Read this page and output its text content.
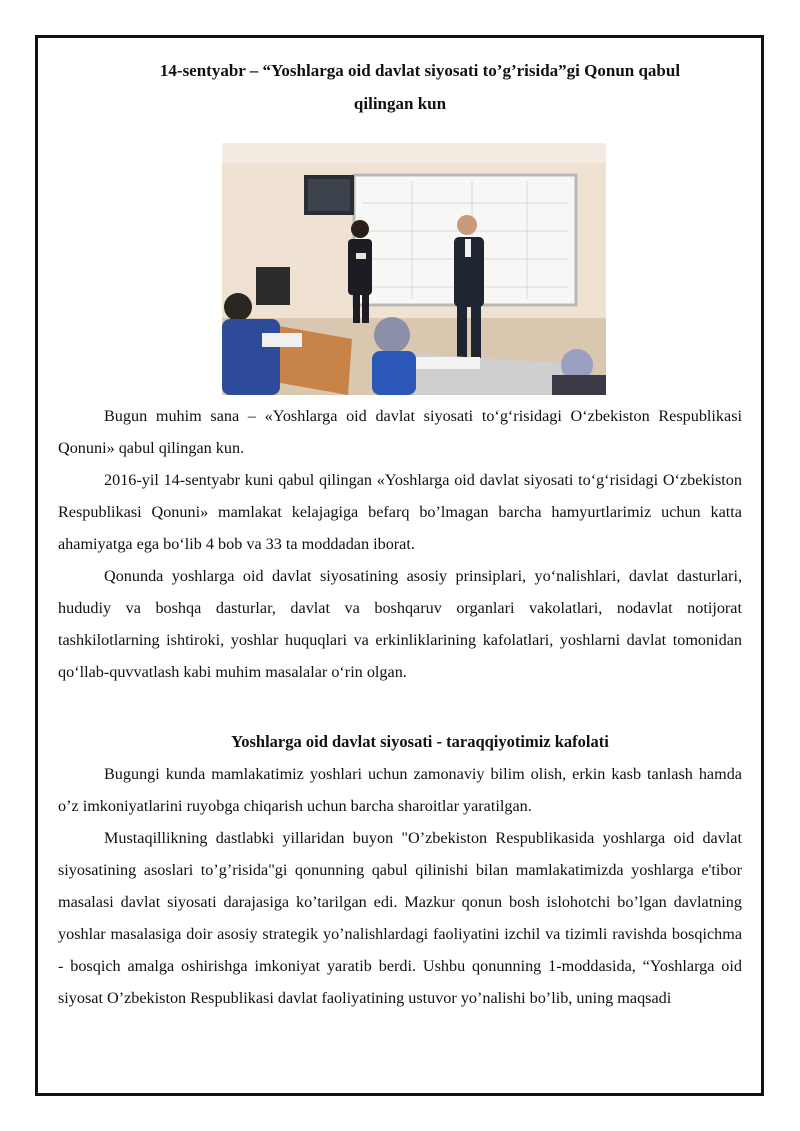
14-sentyabr – “Yoshlarga oid davlat siyosati to’g’risida”gi Qonun qabul
qilingan kun

Bugun muhim sana – «Yoshlarga oid davlat siyosati to‘g‘risidagi O‘zbekiston Respublikasi Qonuni» qabul qilingan kun.

2016-yil 14-sentyabr kuni qabul qilingan «Yoshlarga oid davlat siyosati to‘g‘risidagi O‘zbekiston Respublikasi Qonuni» mamlakat kelajagiga befarq bo’lmagan barcha hamyurtlarimiz uchun katta ahamiyatga ega bo‘lib 4 bob va 33 ta moddadan iborat.

Qonunda yoshlarga oid davlat siyosatining asosiy prinsiplari, yo‘nalishlari, davlat dasturlari, hududiy va boshqa dasturlar, davlat va boshqaruv organlari vakolatlari, nodavlat notijorat tashkilotlarning ishtiroki, yoshlar huquqlari va erkinliklarining kafolatlari, yoshlarni davlat tomonidan qo‘llab-quvvatlash kabi muhim masalalar o‘rin olgan.

Yoshlarga oid davlat siyosati - taraqqiyotimiz kafolati

Bugungi kunda mamlakatimiz yoshlari uchun zamonaviy bilim olish, erkin kasb tanlash hamda o’z imkoniyatlarini ruyobga chiqarish uchun barcha sharoitlar yaratilgan.

Mustaqillikning dastlabki yillaridan buyon "O’zbekiston Respublikasida yoshlarga oid davlat siyosatining asoslari to’g’risida"gi qonunning qabul qilinishi bilan mamlakatimizda yoshlarga e'tibor masalasi davlat siyosati darajasiga ko’tarilgan edi. Mazkur qonun bosh islohotchi bo’lgan davlatning yoshlar masalasiga doir asosiy strategik yo’nalishlardagi faoliyatini izchil va tizimli ravishda bosqichma - bosqich amalga oshirishga imkoniyat yaratib berdi. Ushbu qonunning 1-moddasida, “Yoshlarga oid siyosat O’zbekiston Respublikasi davlat faoliyatining ustuvor yo’nalishi bo’lib, uning maqsadi
